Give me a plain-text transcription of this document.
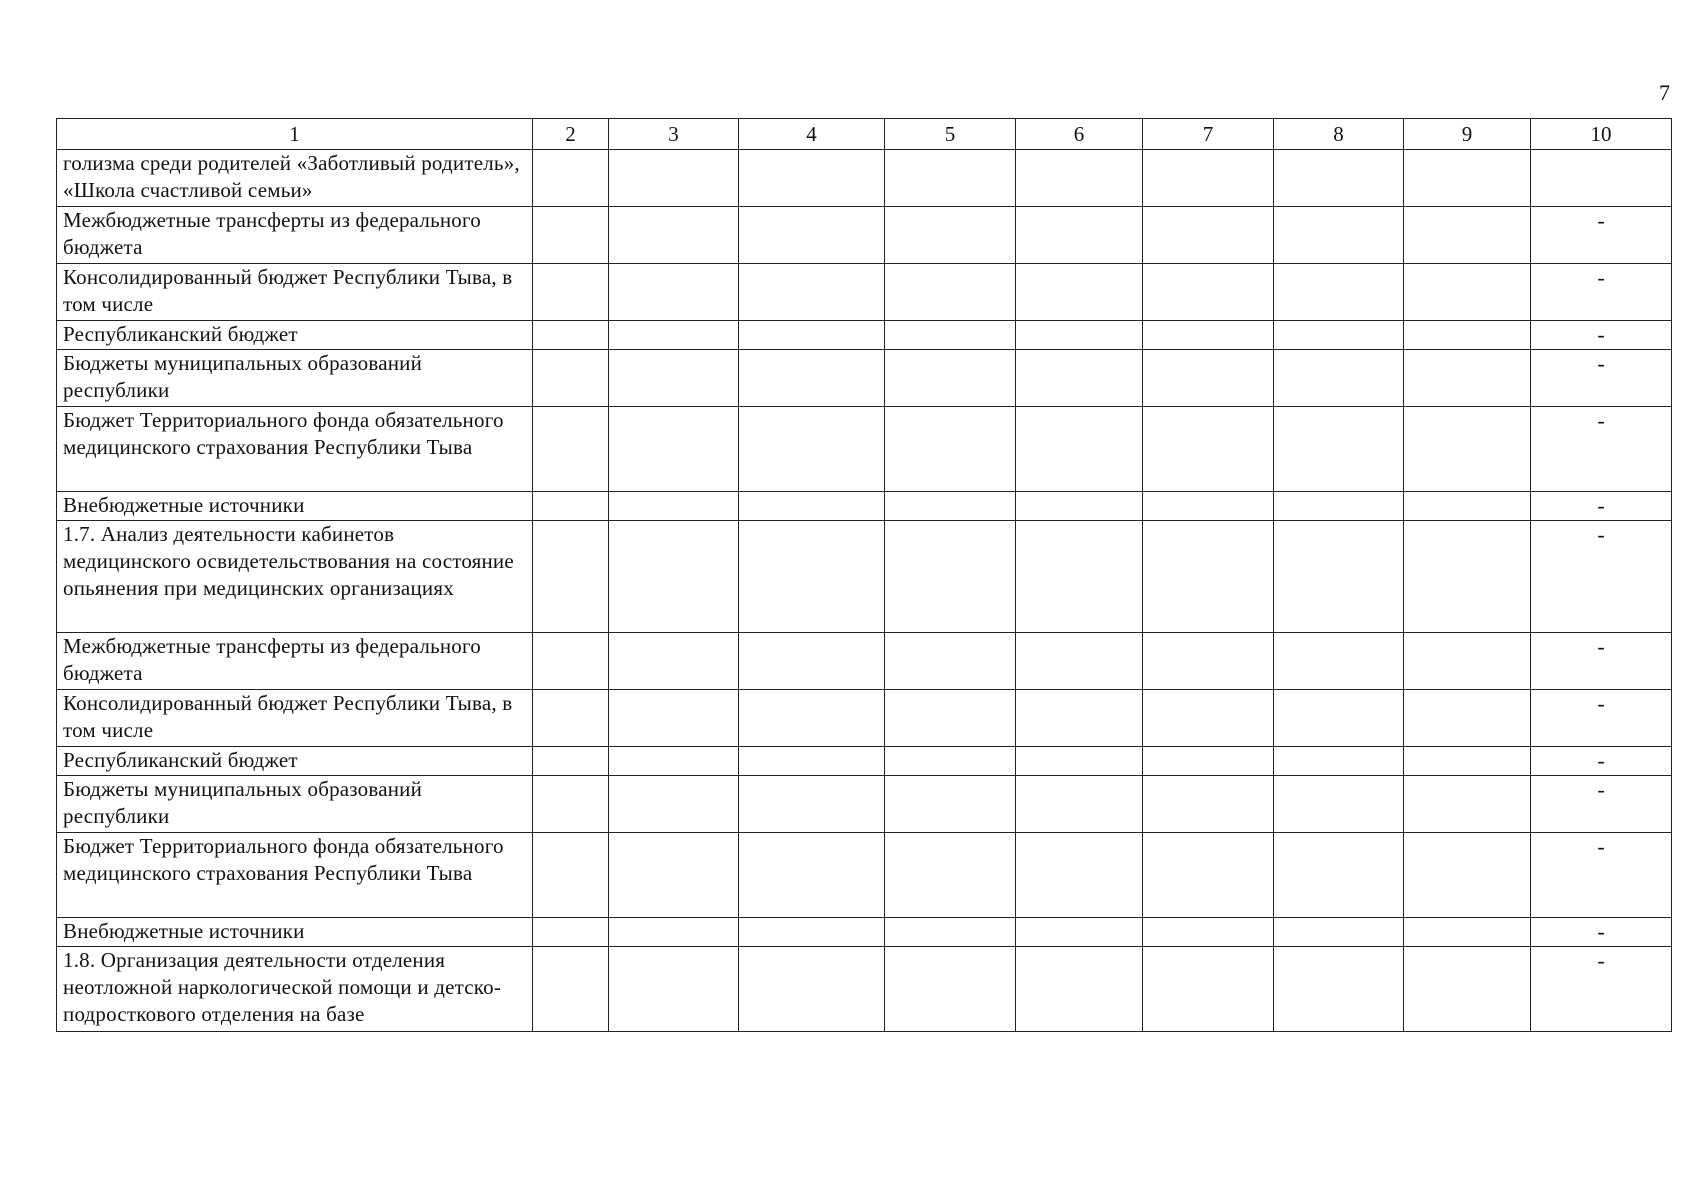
7
1	2	3	4	5	6	7	8	9	10
голизма среди родителей «Заботливый родитель», «Школа счастливой семьи»									
Межбюджетные трансферты из федерального бюджета									-
Консолидированный бюджет Республики Тыва, в том числе									-
Республиканский бюджет									-
Бюджеты муниципальных образований республики									-
Бюджет Территориального фонда обязательного медицинского страхования Республики Тыва									-
Внебюджетные источники									-
1.7. Анализ деятельности кабинетов медицинского освидетельствования на состояние опьянения при медицинских организациях									-
Межбюджетные трансферты из федерального бюджета									-
Консолидированный бюджет Республики Тыва, в том числе									-
Республиканский бюджет									-
Бюджеты муниципальных образований республики									-
Бюджет Территориального фонда обязательного медицинского страхования Республики Тыва									-
Внебюджетные источники									-
1.8. Организация деятельности отделения неотложной наркологической помощи и детско-подросткового отделения на базе									-
